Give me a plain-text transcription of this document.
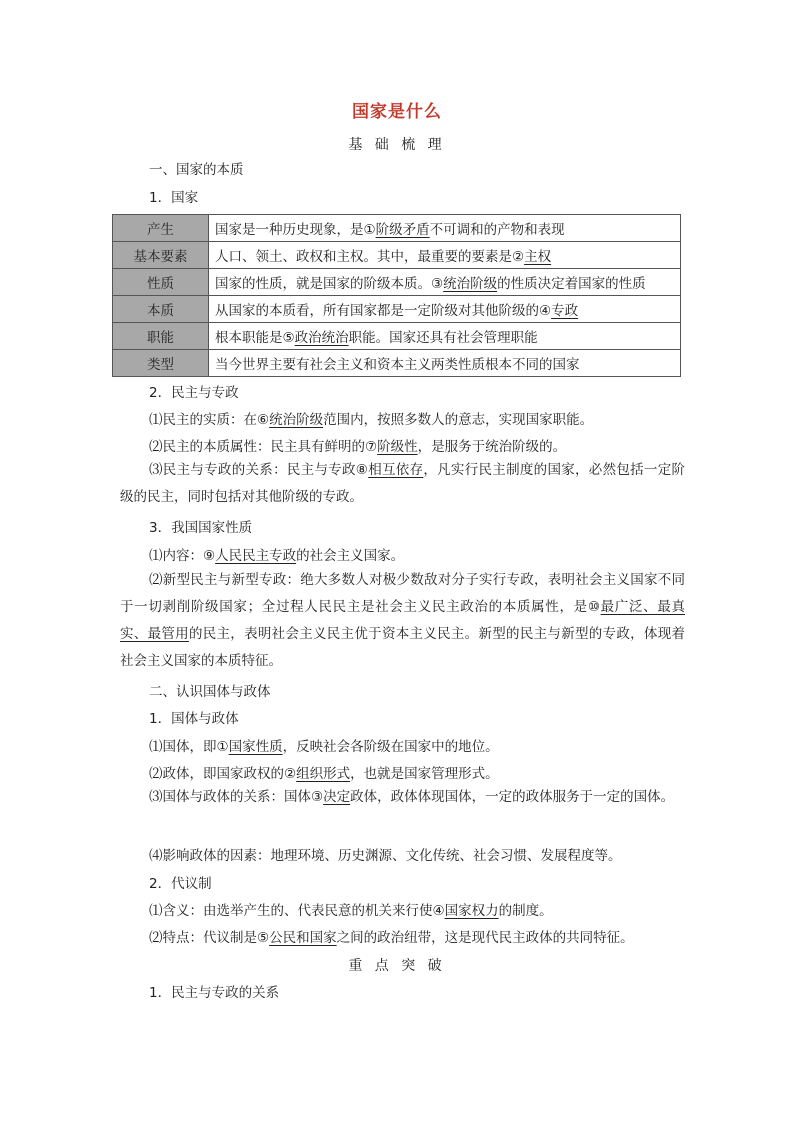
国家是什么
基 础 梳 理
一、国家的本质
1．国家
产生	国家是一种历史现象，是①阶级矛盾不可调和的产物和表现
基本要素	人口、领土、政权和主权。其中，最重要的要素是②主权
性质	国家的性质，就是国家的阶级本质。③统治阶级的性质决定着国家的性质
本质	从国家的本质看，所有国家都是一定阶级对其他阶级的④专政
职能	根本职能是⑤政治统治职能。国家还具有社会管理职能
类型	当今世界主要有社会主义和资本主义两类性质根本不同的国家
2．民主与专政
⑴民主的实质：在⑥统治阶级范围内，按照多数人的意志，实现国家职能。
⑵民主的本质属性：民主具有鲜明的⑦阶级性，是服务于统治阶级的。
⑶民主与专政的关系：民主与专政⑧相互依存，凡实行民主制度的国家，必然包括一定阶级的民主，同时包括对其他阶级的专政。
3．我国国家性质
⑴内容：⑨人民民主专政的社会主义国家。
⑵新型民主与新型专政：绝大多数人对极少数敌对分子实行专政，表明社会主义国家不同于一切剥削阶级国家；全过程人民民主是社会主义民主政治的本质属性，是⑩最广泛、最真实、最管用的民主，表明社会主义民主优于资本主义民主。新型的民主与新型的专政，体现着社会主义国家的本质特征。
二、认识国体与政体
1．国体与政体
⑴国体，即①国家性质，反映社会各阶级在国家中的地位。
⑵政体，即国家政权的②组织形式，也就是国家管理形式。
⑶国体与政体的关系：国体③决定政体，政体体现国体，一定的政体服务于一定的国体。
⑷影响政体的因素：地理环境、历史渊源、文化传统、社会习惯、发展程度等。
2．代议制
⑴含义：由选举产生的、代表民意的机关来行使④国家权力的制度。
⑵特点：代议制是⑤公民和国家之间的政治纽带，这是现代民主政体的共同特征。
重 点 突 破
1．民主与专政的关系
